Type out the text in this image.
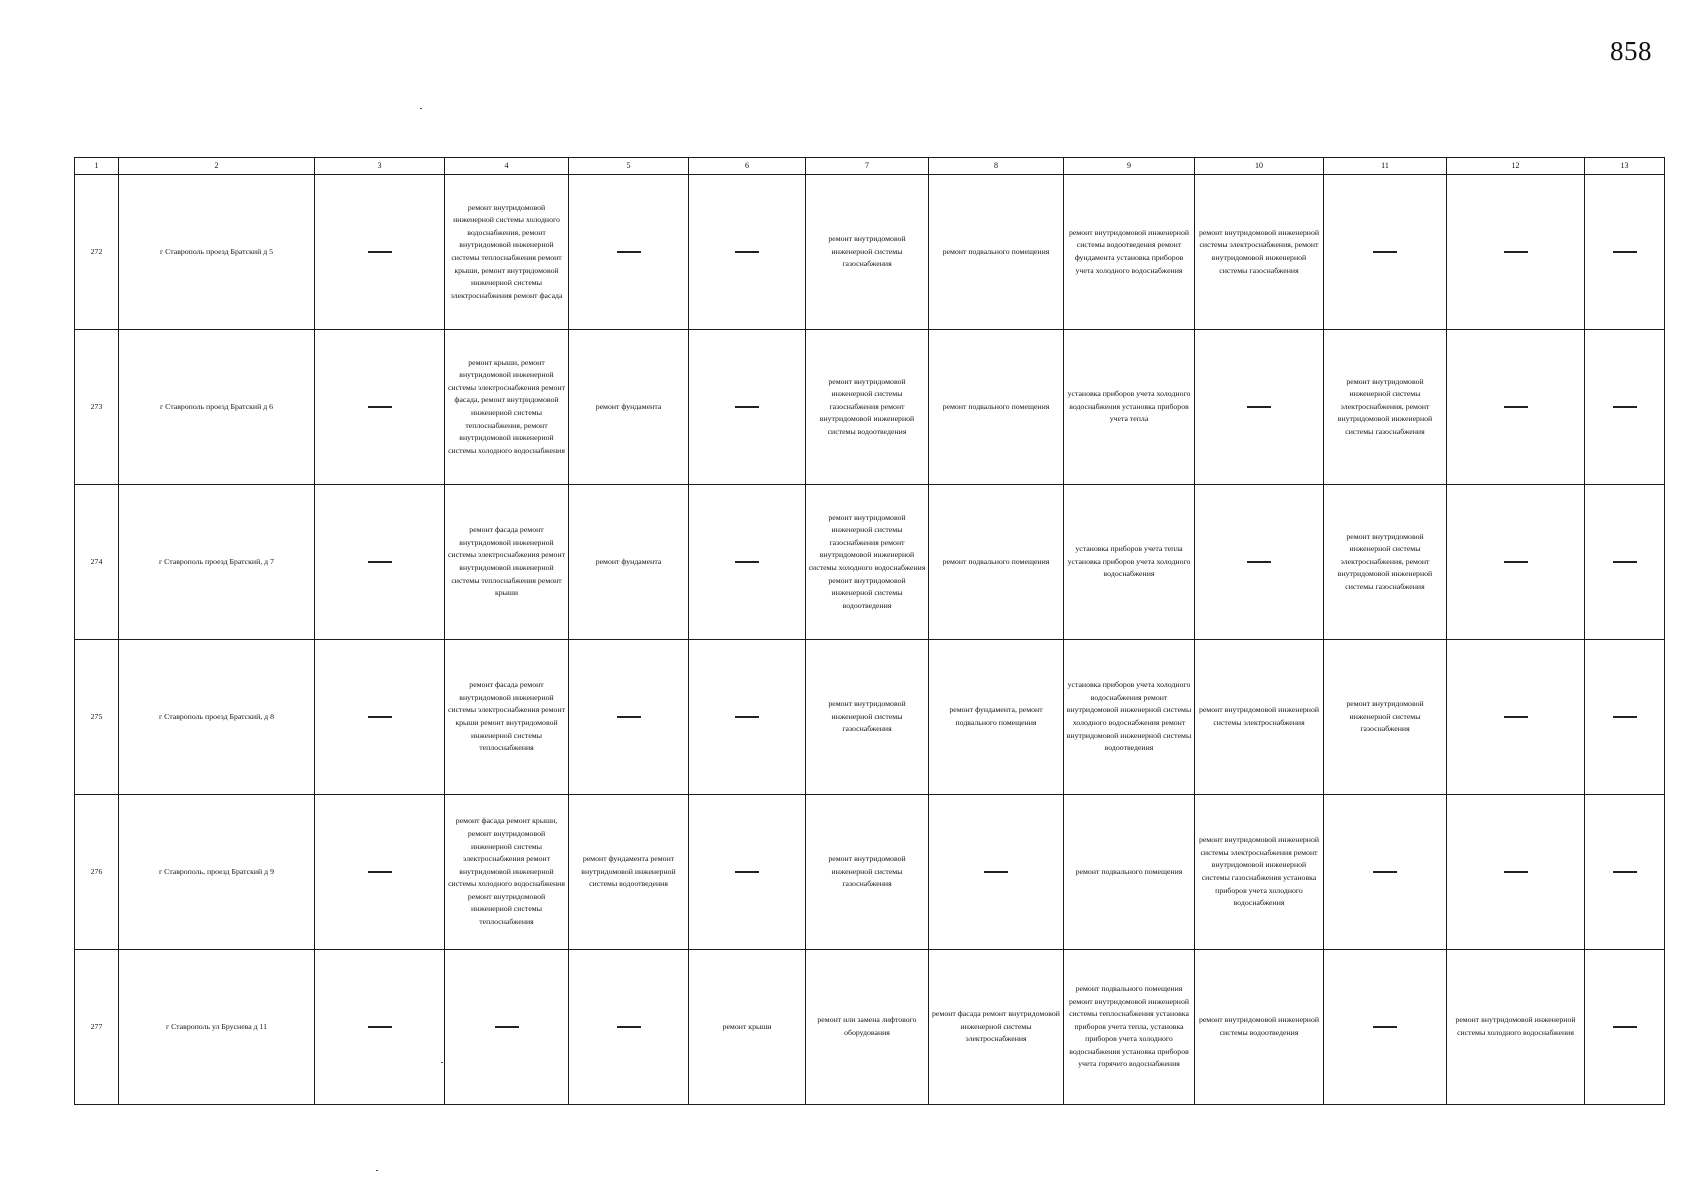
858
1	2	3	4	5	6	7	8	9	10	11	12	13
272	г Ставрополь проезд Братский д 5		ремонт внутридомовой инженерной системы холодного водоснабжения, ремонт внутридомовой инженерной системы теплоснабжения ремонт крыши, ремонт внутридомовой инженерной системы электроснабжения ремонт фасада			ремонт внутридомовой инженерной системы газоснабжения	ремонт подвального помещения	ремонт внутридомовой инженерной системы водоотведения ремонт фундамента установка приборов учета холодного водоснабжения	ремонт внутридомовой инженерной системы электроснабжения, ремонт внутридомовой инженерной системы газоснабжения			
273	г Ставрополь проезд Братский д 6		ремонт крыши, ремонт внутридомовой инженерной системы электроснабжения ремонт фасада, ремонт внутридомовой инженерной системы теплоснабжения, ремонт внутридомовой инженерной системы холодного водоснабжения	ремонт фундамента		ремонт внутридомовой инженерной системы газоснабжения ремонт внутридомовой инженерной системы водоотведения	ремонт подвального помещения	установка приборов учета холодного водоснабжения установка приборов учета тепла		ремонт внутридомовой инженерной системы электроснабжения, ремонт внутридомовой инженерной системы газоснабжения		
274	г Ставрополь проезд Братский, д 7		ремонт фасада ремонт внутридомовой инженерной системы электроснабжения ремонт внутридомовой инженерной системы теплоснабжения ремонт крыши	ремонт фундамента		ремонт внутридомовой инженерной системы газоснабжения ремонт внутридомовой инженерной системы холодного водоснабжения ремонт внутридомовой инженерной системы водоотведения	ремонт подвального помещения	установка приборов учета тепла установка приборов учета холодного водоснабжения		ремонт внутридомовой инженерной системы электроснабжения, ремонт внутридомовой инженерной системы газоснабжения		
275	г Ставрополь проезд Братский, д 8		ремонт фасада ремонт внутридомовой инженерной системы электроснабжения ремонт крыши ремонт внутридомовой инженерной системы теплоснабжения			ремонт внутридомовой инженерной системы газоснабжения	ремонт фундамента, ремонт подвального помещения	установка приборов учета холодного водоснабжения ремонт внутридомовой инженерной системы холодного водоснабжения ремонт внутридомовой инженерной системы водоотведения	ремонт внутридомовой инженерной системы электроснабжения	ремонт внутридомовой инженерной системы газоснабжения		
276	г Ставрополь, проезд Братский д 9		ремонт фасада ремонт крыши, ремонт внутридомовой инженерной системы электроснабжения ремонт внутридомовой инженерной системы холодного водоснабжения ремонт внутридомовой инженерной системы теплоснабжения	ремонт фундамента ремонт внутридомовой инженерной системы водоотведения		ремонт внутридомовой инженерной системы газоснабжения		ремонт подвального помещения	ремонт внутридомовой инженерной системы электроснабжения ремонт внутридомовой инженерной системы газоснабжения установка приборов учета холодного водоснабжения			
277	г Ставрополь ул Бруснева д 11				ремонт крыши	ремонт или замена лифтового оборудования	ремонт фасада ремонт внутридомовой инженерной системы электроснабжения	ремонт подвального помещения ремонт внутридомовой инженерной системы теплоснабжения установка приборов учета тепла, установка приборов учета холодного водоснабжения установка приборов учета горячего водоснабжения	ремонт внутридомовой инженерной системы водоотведения		ремонт внутридомовой инженерной системы холодного водоснабжения	
